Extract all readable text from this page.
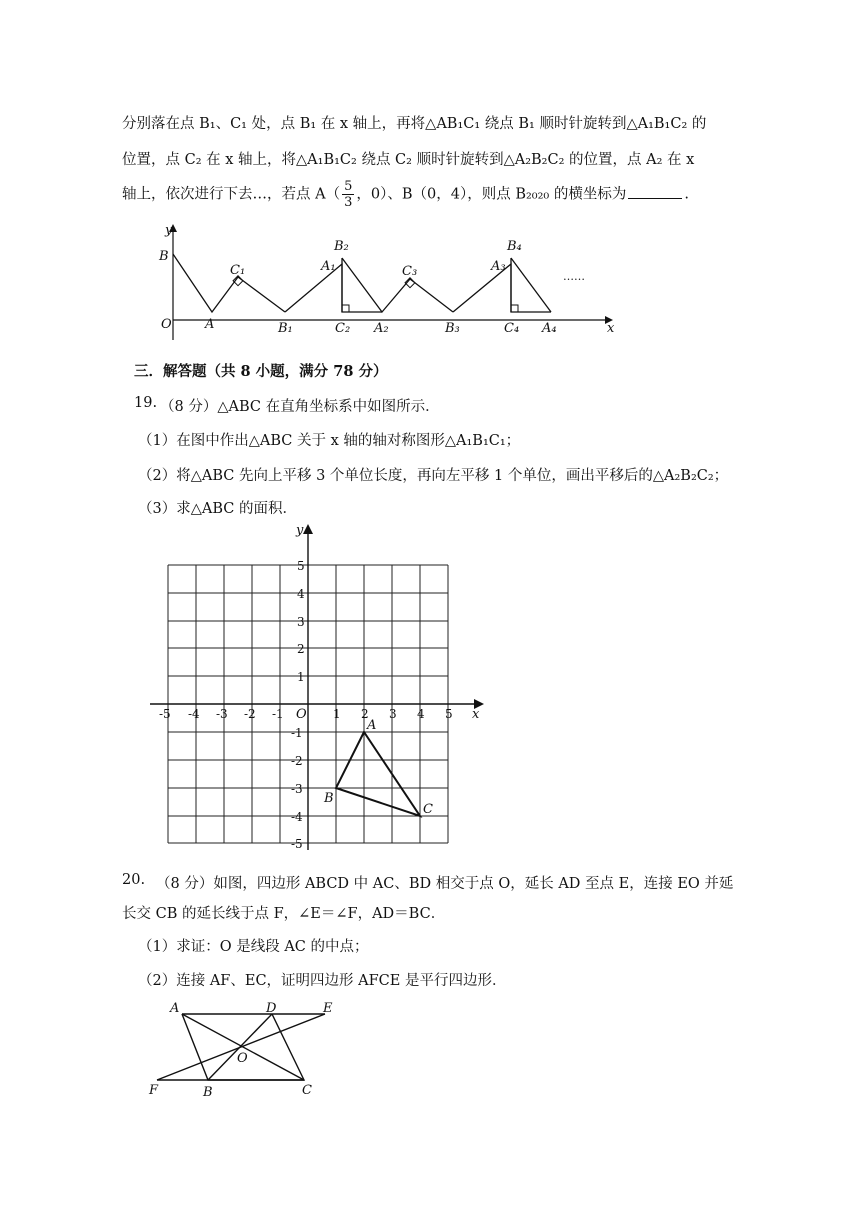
分别落在点 B₁、C₁ 处，点 B₁ 在 x 轴上，再将△AB₁C₁ 绕点 B₁ 顺时针旋转到△A₁B₁C₂ 的
位置，点 C₂ 在 x 轴上，将△A₁B₁C₂ 绕点 C₂ 顺时针旋转到△A₂B₂C₂ 的位置，点 A₂ 在 x
轴上，依次进行下去…，若点 $A( \frac{5}{3}$ ，0）、B（0，4），则点 B₂₀₂₀ 的横坐标为	.
y
x
O
B
A
C₁
B₁
A₁
B₂
C₂ A₂
C₃
B₃
A₃
B₄
C₄ A₄
……
三．解答题（共 8 小题，满分 78 分）
19. （8 分）△ABC 在直角坐标系中如图所示．
（1）在图中作出△ABC 关于 x 轴的轴对称图形△A₁B₁C₁；
（2）将△ABC 先向上平移 3 个单位长度，再向左平移 1 个单位，画出平移后的△A₂B₂C₂；
（3）求△ABC 的面积．
y
x
O
-5 -4 -3 -2 -1	1 2 3 4 5
5
4
3
2
1
-1
-2
-3
-4
-5
A
B
C
20. （8 分）如图，四边形 ABCD 中 AC、BD 相交于点 O，延长 AD 至点 E，连接 EO 并延
长交 CB 的延长线于点 F，∠E＝∠F，AD＝BC．
（1）求证：O 是线段 AC 的中点；
（2）连接 AF、EC，证明四边形 AFCE 是平行四边形．
A	D	E
O
F	B	C
